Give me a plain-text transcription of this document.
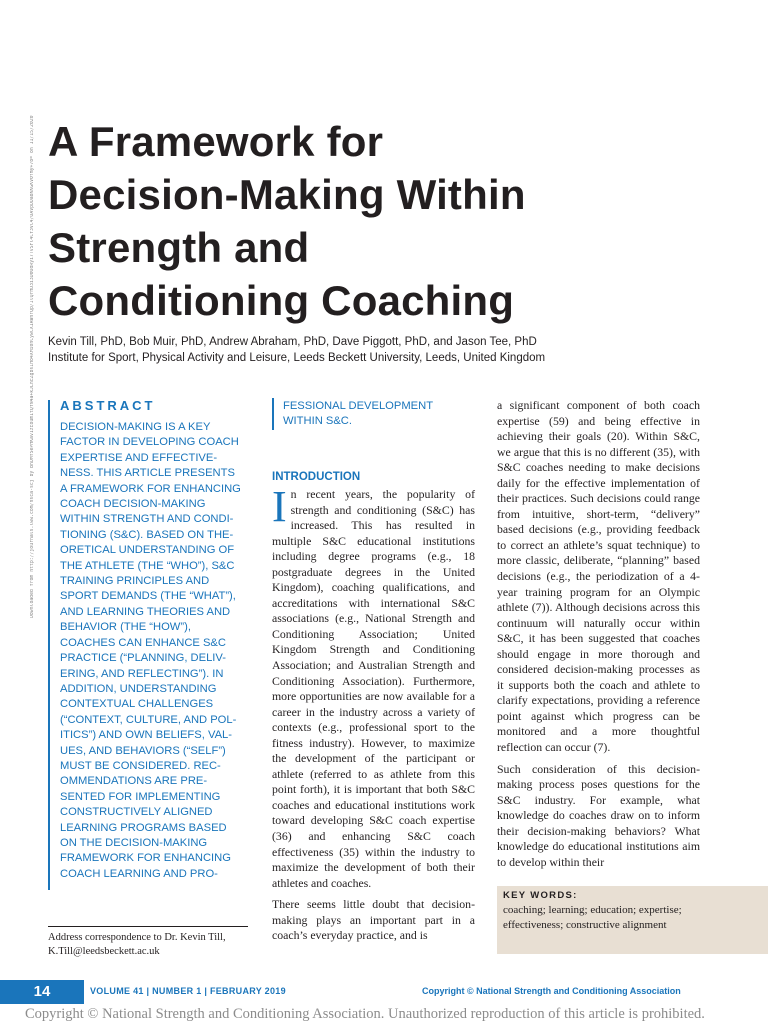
A Framework for
Decision-Making Within
Strength and
Conditioning Coaching
Downloaded from http://journals.lww.com/nsca-scj by BhDMf5ePHKav1zEoum1tQfN4a+kJLhEZgbsIHo4XMi0hCywCX1AWnYQp/IlQrHD3i3D0OdRyi7TvSFl4Cf3VC4/OAVpDDa8KKGKV0Ymy+78= on 11/15/2020 Kevin Till, PhD, Bob Muir, PhD, Andrew Abraham, PhD, Dave Piggott, PhD, and Jason Tee, PhD
Institute for Sport, Physical Activity and Leisure, Leeds Beckett University, Leeds, United Kingdom
ABSTRACT
DECISION-MAKING IS A KEY
FACTOR IN DEVELOPING COACH
EXPERTISE AND EFFECTIVE-
NESS. THIS ARTICLE PRESENTS
A FRAMEWORK FOR ENHANCING
COACH DECISION-MAKING
WITHIN STRENGTH AND CONDI-
TIONING (S&C). BASED ON THE-
ORETICAL UNDERSTANDING OF
THE ATHLETE (THE “WHO”), S&C
TRAINING PRINCIPLES AND
SPORT DEMANDS (THE “WHAT”),
AND LEARNING THEORIES AND
BEHAVIOR (THE “HOW”),
COACHES CAN ENHANCE S&C
PRACTICE (“PLANNING, DELIV-
ERING, AND REFLECTING”). IN
ADDITION, UNDERSTANDING
CONTEXTUAL CHALLENGES
(“CONTEXT, CULTURE, AND POL-
ITICS”) AND OWN BELIEFS, VAL-
UES, AND BEHAVIORS (“SELF”)
MUST BE CONSIDERED. REC-
OMMENDATIONS ARE PRE-
SENTED FOR IMPLEMENTING
CONSTRUCTIVELY ALIGNED
LEARNING PROGRAMS BASED
ON THE DECISION-MAKING
FRAMEWORK FOR ENHANCING
COACH LEARNING AND PRO-
FESSIONAL DEVELOPMENT
WITHIN S&C.
INTRODUCTION

In recent years, the popularity of strength and conditioning (S&C) has increased. This has resulted in multiple S&C educational institutions including degree programs (e.g., 18 postgraduate degrees in the United Kingdom), coaching qualifications, and accreditations with international S&C associations (e.g., National Strength and Conditioning Association; United Kingdom Strength and Conditioning Association; and Australian Strength and Conditioning Association). Furthermore, more opportunities are now available for a career in the industry across a variety of contexts (e.g., professional sport to the fitness industry). However, to maximize the development of the participant or athlete (referred to as athlete from this point forth), it is important that both S&C coaches and educational institutions work toward developing S&C coach expertise (36) and enhancing S&C coach effectiveness (35) within the industry to maximize the development of both their athletes and coaches.

There seems little doubt that decision-making plays an important part in a coach’s everyday practice, and is

a significant component of both coach expertise (59) and being effective in achieving their goals (20). Within S&C, we argue that this is no different (35), with S&C coaches needing to make decisions daily for the effective implementation of their practices. Such decisions could range from intuitive, short-term, “delivery” based decisions (e.g., providing feedback to correct an athlete’s squat technique) to more classic, deliberate, “planning” based decisions (e.g., the periodization of a 4-year training program for an Olympic athlete (7)). Although decisions across this continuum will naturally occur within S&C, it has been suggested that coaches should engage in more thorough and considered decision-making processes as it supports both the coach and athlete to clarify expectations, providing a reference point against which progress can be monitored and a more thoughtful reflection can occur (7).

Such consideration of this decision-making process poses questions for the S&C industry. For example, what knowledge do coaches draw on to inform their decision-making behaviors? What knowledge do educational institutions aim to develop within their

Address correspondence to Dr. Kevin Till, K.Till@leedsbeckett.ac.uk
KEY WORDS:
coaching; learning; education; expertise; effectiveness; constructive alignment
14	VOLUME 41 | NUMBER 1 | FEBRUARY 2019	Copyright © National Strength and Conditioning Association
Copyright © National Strength and Conditioning Association. Unauthorized reproduction of this article is prohibited.
